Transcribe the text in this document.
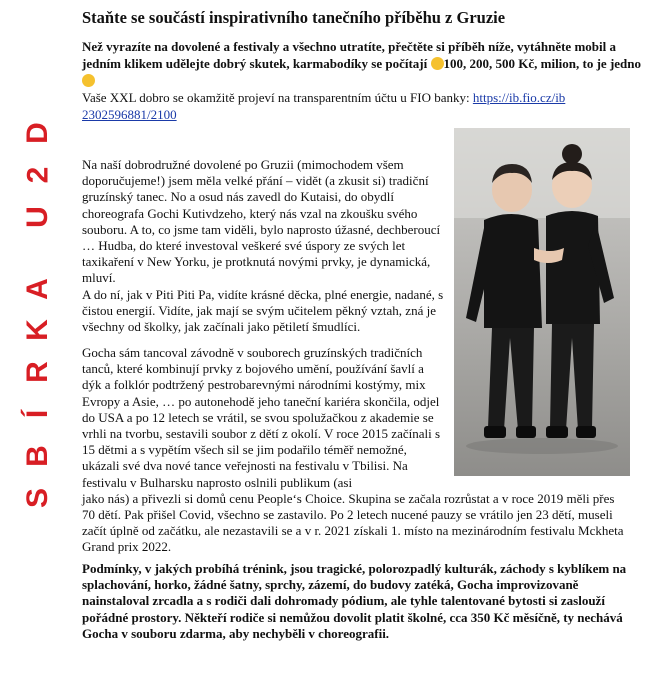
D
2
U
A
K
R
Í
B
S
Staňte se součástí inspirativního tanečního příběhu z Gruzie

Než vyrazíte na dovolené a festivaly a všechno utratíte, přečtěte si příběh níže, vytáhněte mobil a jedním klikem udělejte dobrý skutek, karmabodíky se počítají 100, 200, 500 Kč, milion, to je jedno

Vaše XXL dobro se okamžitě projeví na transparentním účtu u FIO banky: https://ib.fio.cz/ib
2302596881/2100

Na naší dobrodružné dovolené po Gruzii (mimochodem všem doporučujeme!) jsem měla velké přání – vidět (a zkusit si) tradiční gruzínský tanec. No a osud nás zavedl do Kutaisi, do obydlí choreografa Gochi Kutivdzeho, který nás vzal na zkoušku svého souboru. A to, co jsme tam viděli, bylo naprosto úžasné, dechberoucí … Hudba, do které investoval veškeré své úspory ze svých let taxikaření v New Yorku, je protknutá novými prvky, je dynamická, mluví.

A do ní, jak v Piti Piti Pa, vidíte krásné děcka, plné energie, nadané, s čistou energií. Vidíte, jak mají se svým učitelem pěkný vztah, zná je všechny od školky, jak začínali jako pětiletí šmudlíci.

Gocha sám tancoval závodně v souborech gruzínských tradičních tanců, které kombinují prvky z bojového umění, používání šavlí a dýk a folklór podtržený pestrobarevnými národními kostýmy, mix Evropy a Asie, … po autonehodě jeho taneční kariéra skončila, odjel do USA a po 12 letech se vrátil, se svou spolužačkou z akademie se vrhli na tvorbu, sestavili soubor z dětí z okolí. V roce 2015 začínali s 15 dětmi a s vypětím všech sil se jim podařilo téměř nemožné, ukázali své dva nové tance veřejnosti na festivalu v Tbilisi. Na festivalu v Bulharsku naprosto oslnili publikum (asi

jako nás) a přivezli si domů cenu People‘s Choice. Skupina se začala rozrůstat a v roce 2019 měli přes 70 dětí. Pak přišel Covid, všechno se zastavilo. Po 2 letech nucené pauzy se vrátilo jen 23 dětí, museli začít úplně od začátku, ale nezastavili se a v r. 2021 získali 1. místo na mezinárodním festivalu Mckheta Grand prix 2022.

Podmínky, v jakých probíhá trénink, jsou tragické, polorozpadlý kulturák, záchody s kyblíkem na splachování, horko, žádné šatny, sprchy, zázemí, do budovy zatéká, Gocha improvizovaně nainstaloval zrcadla a s rodiči dali dohromady pódium, ale tyhle talentované bytosti si zaslouží pořádné prostory. Někteří rodiče si nemůžou dovolit platit školné, cca 350 Kč měsíčně, ty nechává Gocha v souboru zdarma, aby nechyběli v choreografii.
